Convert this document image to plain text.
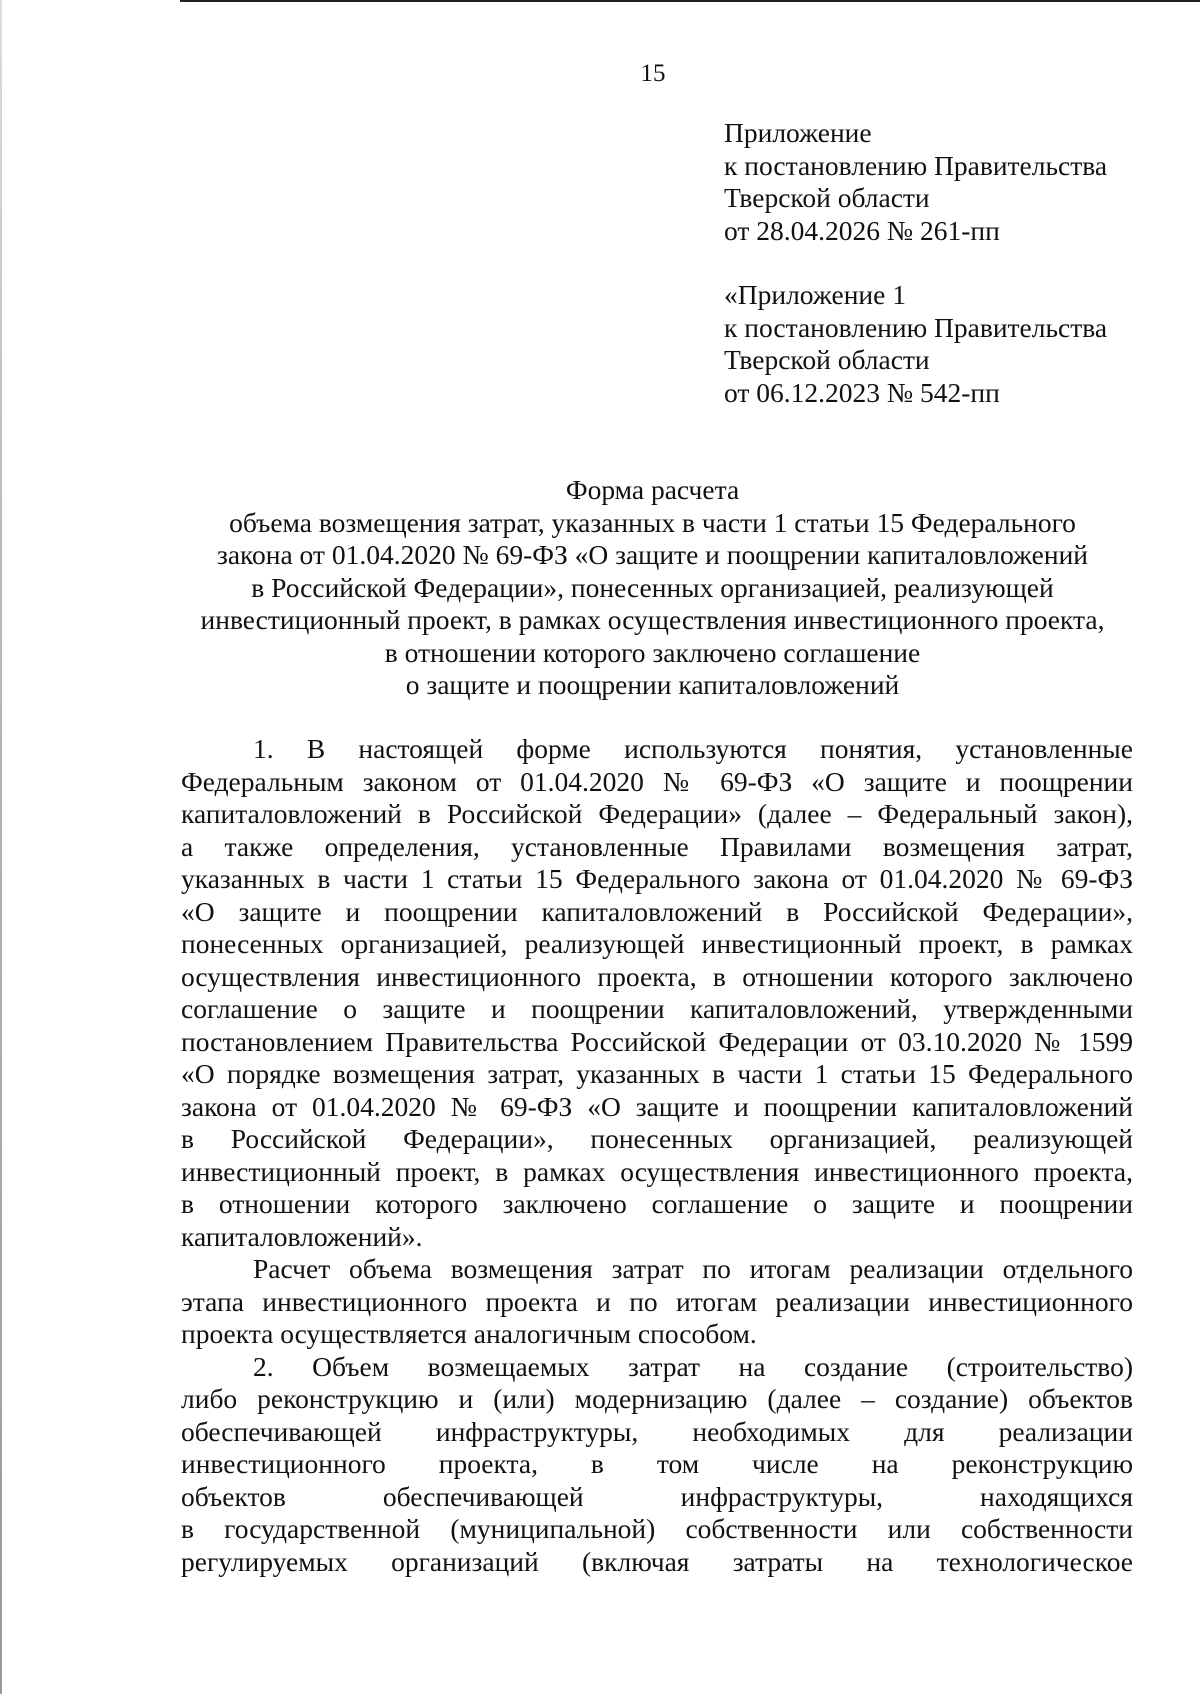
15
Приложение
к постановлению Правительства
Тверской области
от 28.04.2026 № 261-пп
«Приложение 1
к постановлению Правительства
Тверской области
от 06.12.2023 № 542-пп
Форма расчета
объема возмещения затрат, указанных в части 1 статьи 15 Федерального
закона от 01.04.2020 № 69-ФЗ «О защите и поощрении капиталовложений
в Российской Федерации», понесенных организацией, реализующей
инвестиционный проект, в рамках осуществления инвестиционного проекта,
в отношении которого заключено соглашение
о защите и поощрении капиталовложений
1. В настоящей форме используются понятия, установленные
Федеральным законом от 01.04.2020 № 69-ФЗ «О защите и поощрении
капиталовложений в Российской Федерации» (далее – Федеральный закон),
а также определения, установленные Правилами возмещения затрат,
указанных в части 1 статьи 15 Федерального закона от 01.04.2020 № 69-ФЗ
«О защите и поощрении капиталовложений в Российской Федерации»,
понесенных организацией, реализующей инвестиционный проект, в рамках
осуществления инвестиционного проекта, в отношении которого заключено
соглашение о защите и поощрении капиталовложений, утвержденными
постановлением Правительства Российской Федерации от 03.10.2020 № 1599
«О порядке возмещения затрат, указанных в части 1 статьи 15 Федерального
закона от 01.04.2020 № 69-ФЗ «О защите и поощрении капиталовложений
в Российской Федерации», понесенных организацией, реализующей
инвестиционный проект, в рамках осуществления инвестиционного проекта,
в отношении которого заключено соглашение о защите и поощрении
капиталовложений».
Расчет объема возмещения затрат по итогам реализации отдельного
этапа инвестиционного проекта и по итогам реализации инвестиционного
проекта осуществляется аналогичным способом.
2. Объем возмещаемых затрат на создание (строительство)
либо реконструкцию и (или) модернизацию (далее – создание) объектов
обеспечивающей инфраструктуры, необходимых для реализации
инвестиционного проекта, в том числе на реконструкцию
объектов обеспечивающей инфраструктуры, находящихся
в государственной (муниципальной) собственности или собственности
регулируемых организаций (включая затраты на технологическое
